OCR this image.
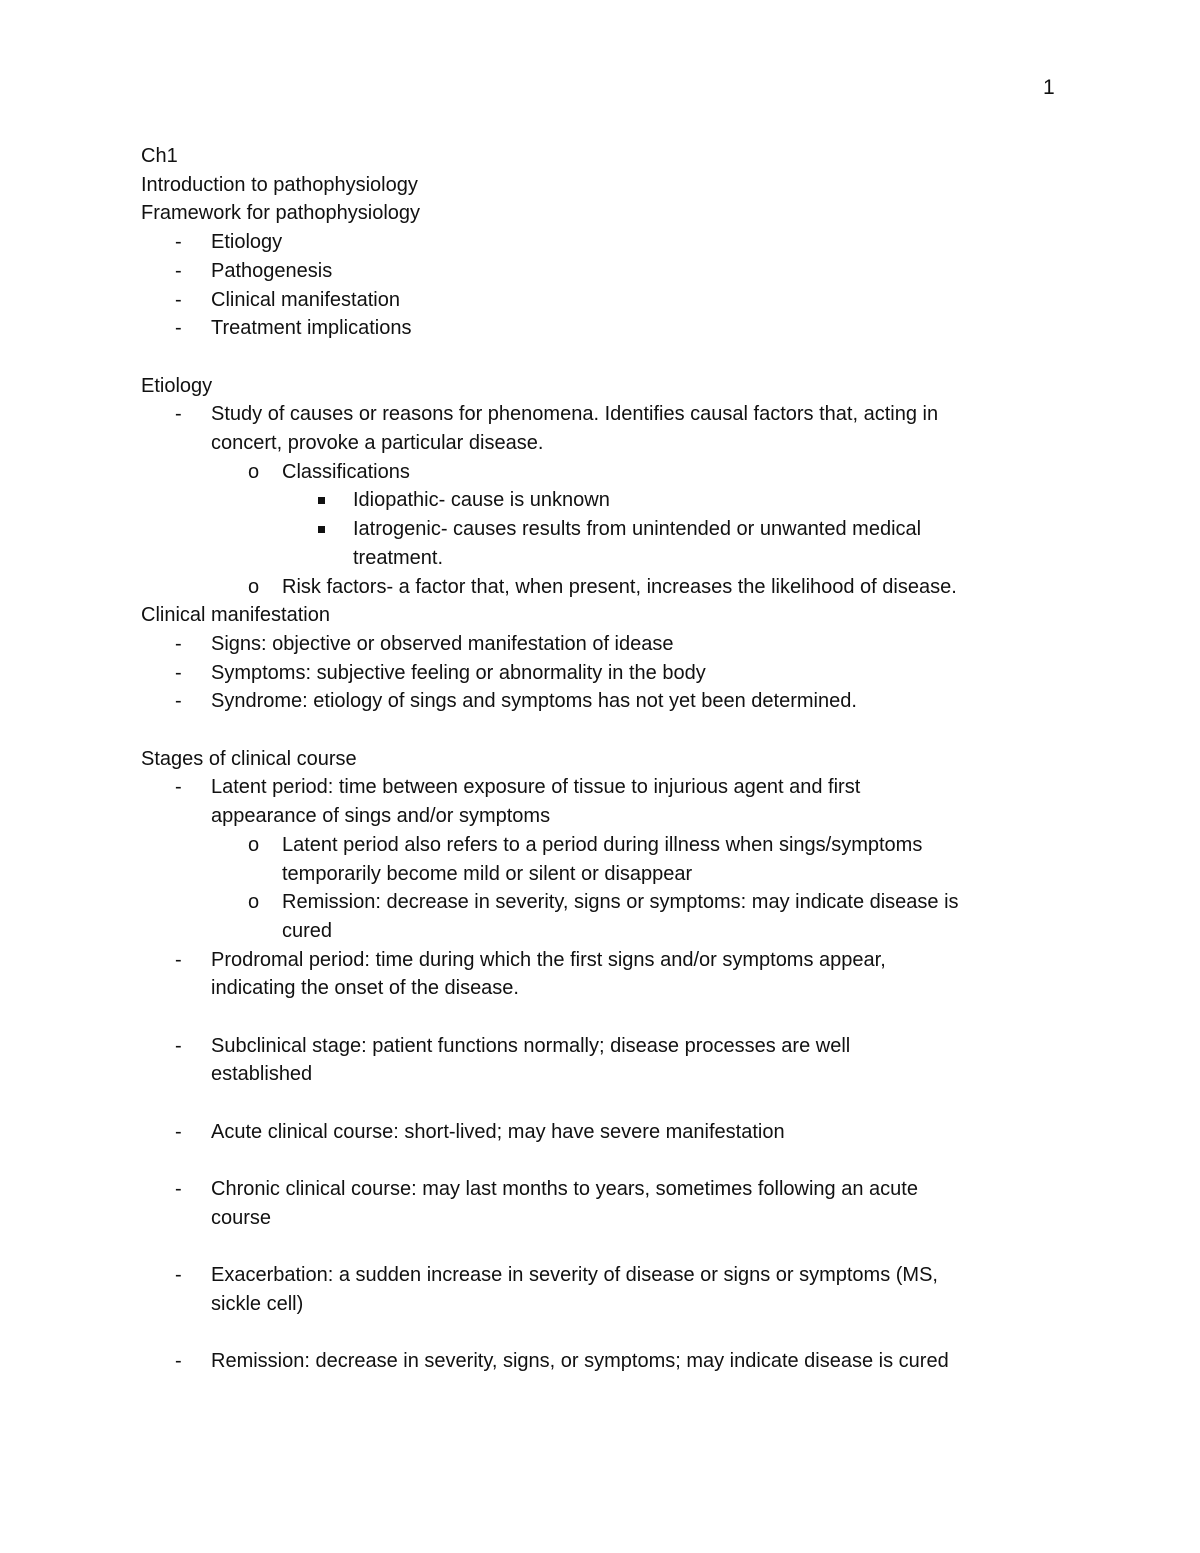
1
Ch1
Introduction to pathophysiology
Framework for pathophysiology
- Etiology
- Pathogenesis
- Clinical manifestation
- Treatment implications
Etiology
- Study of causes or reasons for phenomena. Identifies causal factors that, acting in
concert, provoke a particular disease.
o Classifications
Idiopathic- cause is unknown
Iatrogenic- causes results from unintended or unwanted medical
treatment.
o Risk factors- a factor that, when present, increases the likelihood of disease.
Clinical manifestation
- Signs: objective or observed manifestation of idease
- Symptoms: subjective feeling or abnormality in the body
- Syndrome: etiology of sings and symptoms has not yet been determined.
Stages of clinical course
- Latent period: time between exposure of tissue to injurious agent and first
appearance of sings and/or symptoms
o Latent period also refers to a period during illness when sings/symptoms
temporarily become mild or silent or disappear
o Remission: decrease in severity, signs or symptoms: may indicate disease is
cured
- Prodromal period: time during which the first signs and/or symptoms appear,
indicating the onset of the disease.
- Subclinical stage: patient functions normally; disease processes are well
established
- Acute clinical course: short-lived; may have severe manifestation
- Chronic clinical course: may last months to years, sometimes following an acute
course
- Exacerbation: a sudden increase in severity of disease or signs or symptoms (MS,
sickle cell)
- Remission: decrease in severity, signs, or symptoms; may indicate disease is cured
